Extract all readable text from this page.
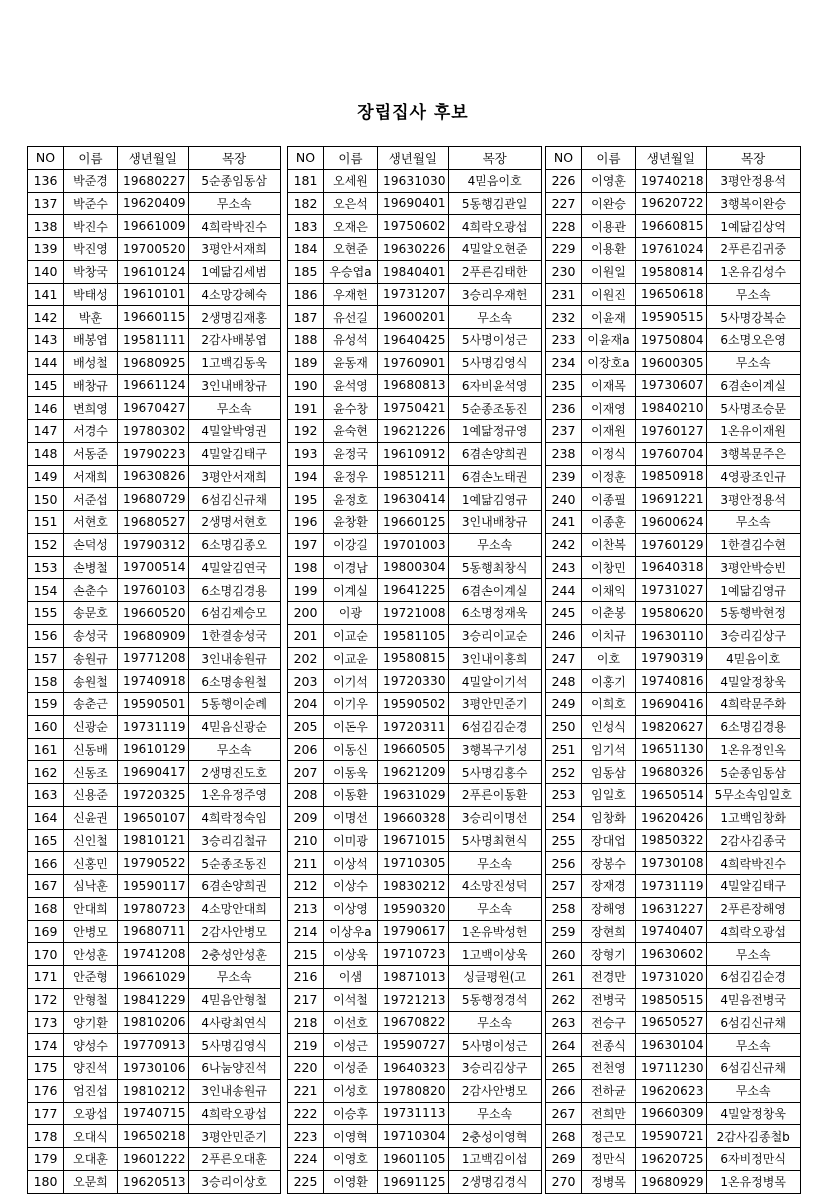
장립집사 후보
NO	이름	생년월일	목장
136	박준경	19680227	5순종임동삼
137	박준수	19620409	무소속
138	박진수	19661009	4희락박진수
139	박진영	19700520	3평안서재희
140	박창국	19610124	1예닮김세범
141	박태성	19610101	4소망강혜숙
142	박훈	19660115	2생명김재홍
143	배봉엽	19581111	2감사배봉엽
144	배성철	19680925	1고백김동욱
145	배창규	19661124	3인내배창규
146	변희영	19670427	무소속
147	서경수	19780302	4밀알박영권
148	서동준	19790223	4밀알김태구
149	서재희	19630826	3평안서재희
150	서준섭	19680729	6섬김신규채
151	서현호	19680527	2생명서현호
152	손덕성	19790312	6소명김종오
153	손병철	19700514	4밀알김연국
154	손춘수	19760103	6소명김경용
155	송문호	19660520	6섬김제승모
156	송성국	19680909	1한결송성국
157	송원규	19771208	3인내송원규
158	송원철	19740918	6소명송원철
159	송춘근	19590501	5동행이순례
160	신광순	19731119	4믿음신광순
161	신동배	19610129	무소속
162	신동조	19690417	2생명진도호
163	신용준	19720325	1온유정주영
164	신윤권	19650107	4희락정숙임
165	신인철	19810121	3승리김철규
166	신홍민	19790522	5순종조동진
167	심낙훈	19590117	6겸손양희권
168	안대희	19780723	4소망안대희
169	안병모	19680711	2감사안병모
170	안성훈	19741208	2충성안성훈
171	안준형	19661029	무소속
172	안형철	19841229	4믿음안형철
173	양기환	19810206	4사랑최연식
174	양성수	19770913	5사명김영식
175	양진석	19730106	6나눔양진석
176	엄진섭	19810212	3인내송원규
177	오광섭	19740715	4희락오광섭
178	오대식	19650218	3평안민준기
179	오대훈	19601222	2푸른오대훈
180	오문희	19620513	3승리이상호
NO	이름	생년월일	목장
181	오세원	19631030	4믿음이호
182	오은석	19690401	5동행김관일
183	오재은	19750602	4희락오광섭
184	오현준	19630226	4밀알오현준
185	우승엽a	19840401	2푸른김태한
186	우재헌	19731207	3승리우재헌
187	유선길	19600201	무소속
188	유성석	19640425	5사명이성근
189	윤동재	19760901	5사명김영식
190	윤석영	19680813	6자비윤석영
191	윤수창	19750421	5순종조동진
192	윤숙현	19621226	1예닮정규영
193	윤정국	19610912	6겸손양희권
194	윤정우	19851211	6겸손노태권
195	윤정호	19630414	1예닮김영규
196	윤창환	19660125	3인내배창규
197	이강길	19701003	무소속
198	이경남	19800304	5동행최창식
199	이계실	19641225	6겸손이계실
200	이광	19721008	6소명정재욱
201	이교순	19581105	3승리이교순
202	이교운	19580815	3인내이홍희
203	이기석	19720330	4밀알이기석
204	이기우	19590502	3평안민준기
205	이돈우	19720311	6섬김김순경
206	이동신	19660505	3행복구기성
207	이동욱	19621209	5사명김홍수
208	이동환	19631029	2푸른이동환
209	이명선	19660328	3승리이명선
210	이미광	19671015	5사명최현식
211	이상석	19710305	무소속
212	이상수	19830212	4소망진성덕
213	이상영	19590320	무소속
214	이상우a	19790617	1온유박성헌
215	이상욱	19710723	1고백이상욱
216	이샘	19871013	싱글평원(고
217	이석철	19721213	5동행정경석
218	이선호	19670822	무소속
219	이성근	19590727	5사명이성근
220	이성준	19640323	3승리김상구
221	이성호	19780820	2감사안병모
222	이승후	19731113	무소속
223	이영혁	19710304	2충성이영혁
224	이영호	19601105	1고백김이섭
225	이영환	19691125	2생명김경식
NO	이름	생년월일	목장
226	이영훈	19740218	3평안정용석
227	이완승	19620722	3행복이완승
228	이용관	19660815	1예닮김상억
229	이용환	19761024	2푸른김귀중
230	이원일	19580814	1온유김성수
231	이원진	19650618	무소속
232	이윤재	19590515	5사명강복순
233	이윤재a	19750804	6소명오은영
234	이장호a	19600305	무소속
235	이재목	19730607	6겸손이계실
236	이재영	19840210	5사명조승문
237	이재원	19760127	1온유이재원
238	이정식	19760704	3행복문주은
239	이정훈	19850918	4영광조인규
240	이종필	19691221	3평안정용석
241	이종훈	19600624	무소속
242	이찬복	19760129	1한결김수현
243	이창민	19640318	3평안박승빈
244	이채익	19731027	1예닮김영규
245	이춘봉	19580620	5동행박현정
246	이치규	19630110	3승리김상구
247	이호	19790319	4믿음이호
248	이홍기	19740816	4밀알정창욱
249	이희호	19690416	4희락문주화
250	인성식	19820627	6소명김경용
251	임기석	19651130	1온유정인옥
252	임동삼	19680326	5순종임동삼
253	임일호	19650514	5무소속임일호
254	임창화	19620426	1고백임창화
255	장대업	19850322	2감사김종국
256	장봉수	19730108	4희락박진수
257	장재경	19731119	4밀알김태구
258	장해영	19631227	2푸른장해영
259	장현희	19740407	4희락오광섭
260	장형기	19630602	무소속
261	전경만	19731020	6섬김김순경
262	전병국	19850515	4믿음전병국
263	전승구	19650527	6섬김신규채
264	전종식	19630104	무소속
265	전천영	19711230	6섬김신규채
266	전하균	19620623	무소속
267	전희만	19660309	4밀알정창욱
268	정근모	19590721	2감사김종철b
269	정만식	19620725	6자비정만식
270	정병목	19680929	1온유정병목
